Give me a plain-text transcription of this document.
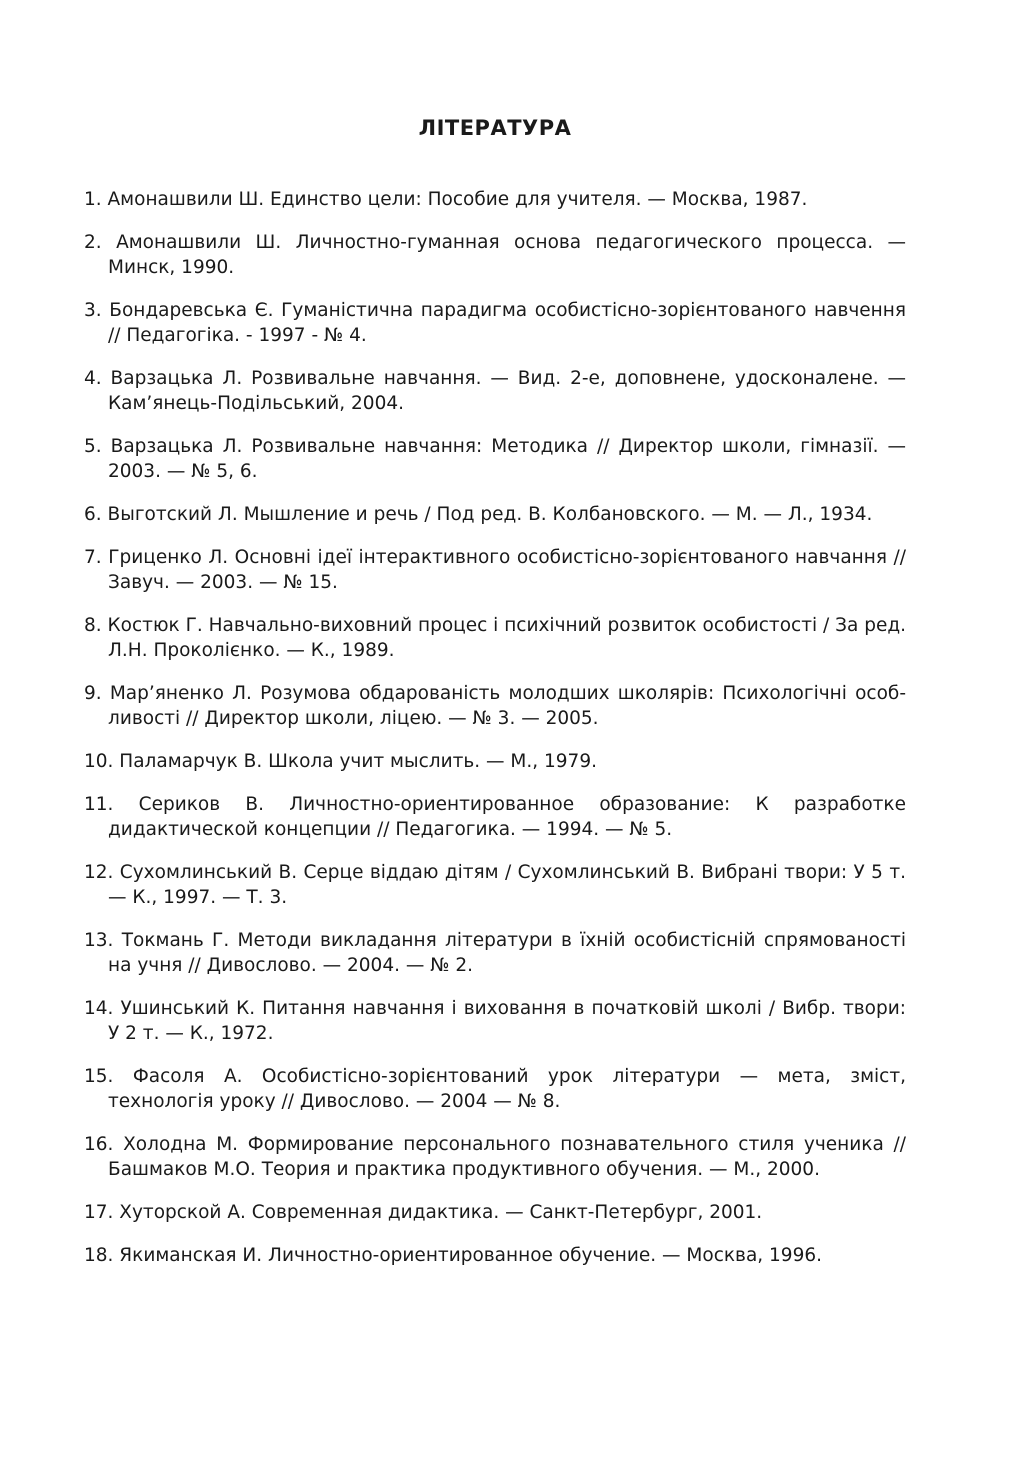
ЛІТЕРАТУРА
1. Амонашвили Ш. Единство цели: Пособие для учителя. — Москва, 1987.
2. Амонашвили Ш. Личностно-гуманная основа педагогического процесса. — Минск, 1990.
3. Бондаревська Є. Гуманістична парадигма особистісно-зорієнтованого навчення // Педагогіка. - 1997 - № 4.
4. Варзацька Л. Розвивальне навчання. — Вид. 2-е, доповнене, удосконалене. — Кам’янець-Подільський, 2004.
5. Варзацька Л. Розвивальне навчання: Методика // Директор школи, гімназії. — 2003. — № 5, 6.
6. Выготский Л. Мышление и речь / Под ред. В. Колбановского. — М. — Л., 1934.
7. Гриценко Л. Основні ідеї інтерактивного особистісно-зорієнтованого навчання // Завуч. — 2003. — № 15.
8. Костюк Г. Навчально-виховний процес і психічний розвиток особистості / За ред. Л.Н. Проколієнко. — К., 1989.
9. Мар’яненко Л. Розумова обдарованість молодших школярів: Психологічні особливості // Директор школи, ліцею. — № 3. — 2005.
10. Паламарчук В. Школа учит мыслить. — М., 1979.
11. Сериков В. Личностно-ориентированное образование: К разработке дидактической концепции // Педагогика. — 1994. — № 5.
12. Сухомлинський В. Серце віддаю дітям / Сухомлинський В. Вибрані твори: У 5 т. — К., 1997. — Т. 3.
13. Токмань Г. Методи викладання літератури в їхній особистісній спрямованості на учня // Дивослово. — 2004. — № 2.
14. Ушинський К. Питання навчання і виховання в початковій школі / Вибр. твори: У 2 т. — К., 1972.
15. Фасоля А. Особистісно-зорієнтований урок літератури — мета, зміст, технологія уроку // Дивослово. — 2004 — № 8.
16. Холодна М. Формирование персонального познавательного стиля ученика // Башмаков М.О. Теория и практика продуктивного обучения. — М., 2000.
17. Хуторской А. Современная дидактика. — Санкт-Петербург, 2001.
18. Якиманская И. Личностно-ориентированное обучение. — Москва, 1996.
